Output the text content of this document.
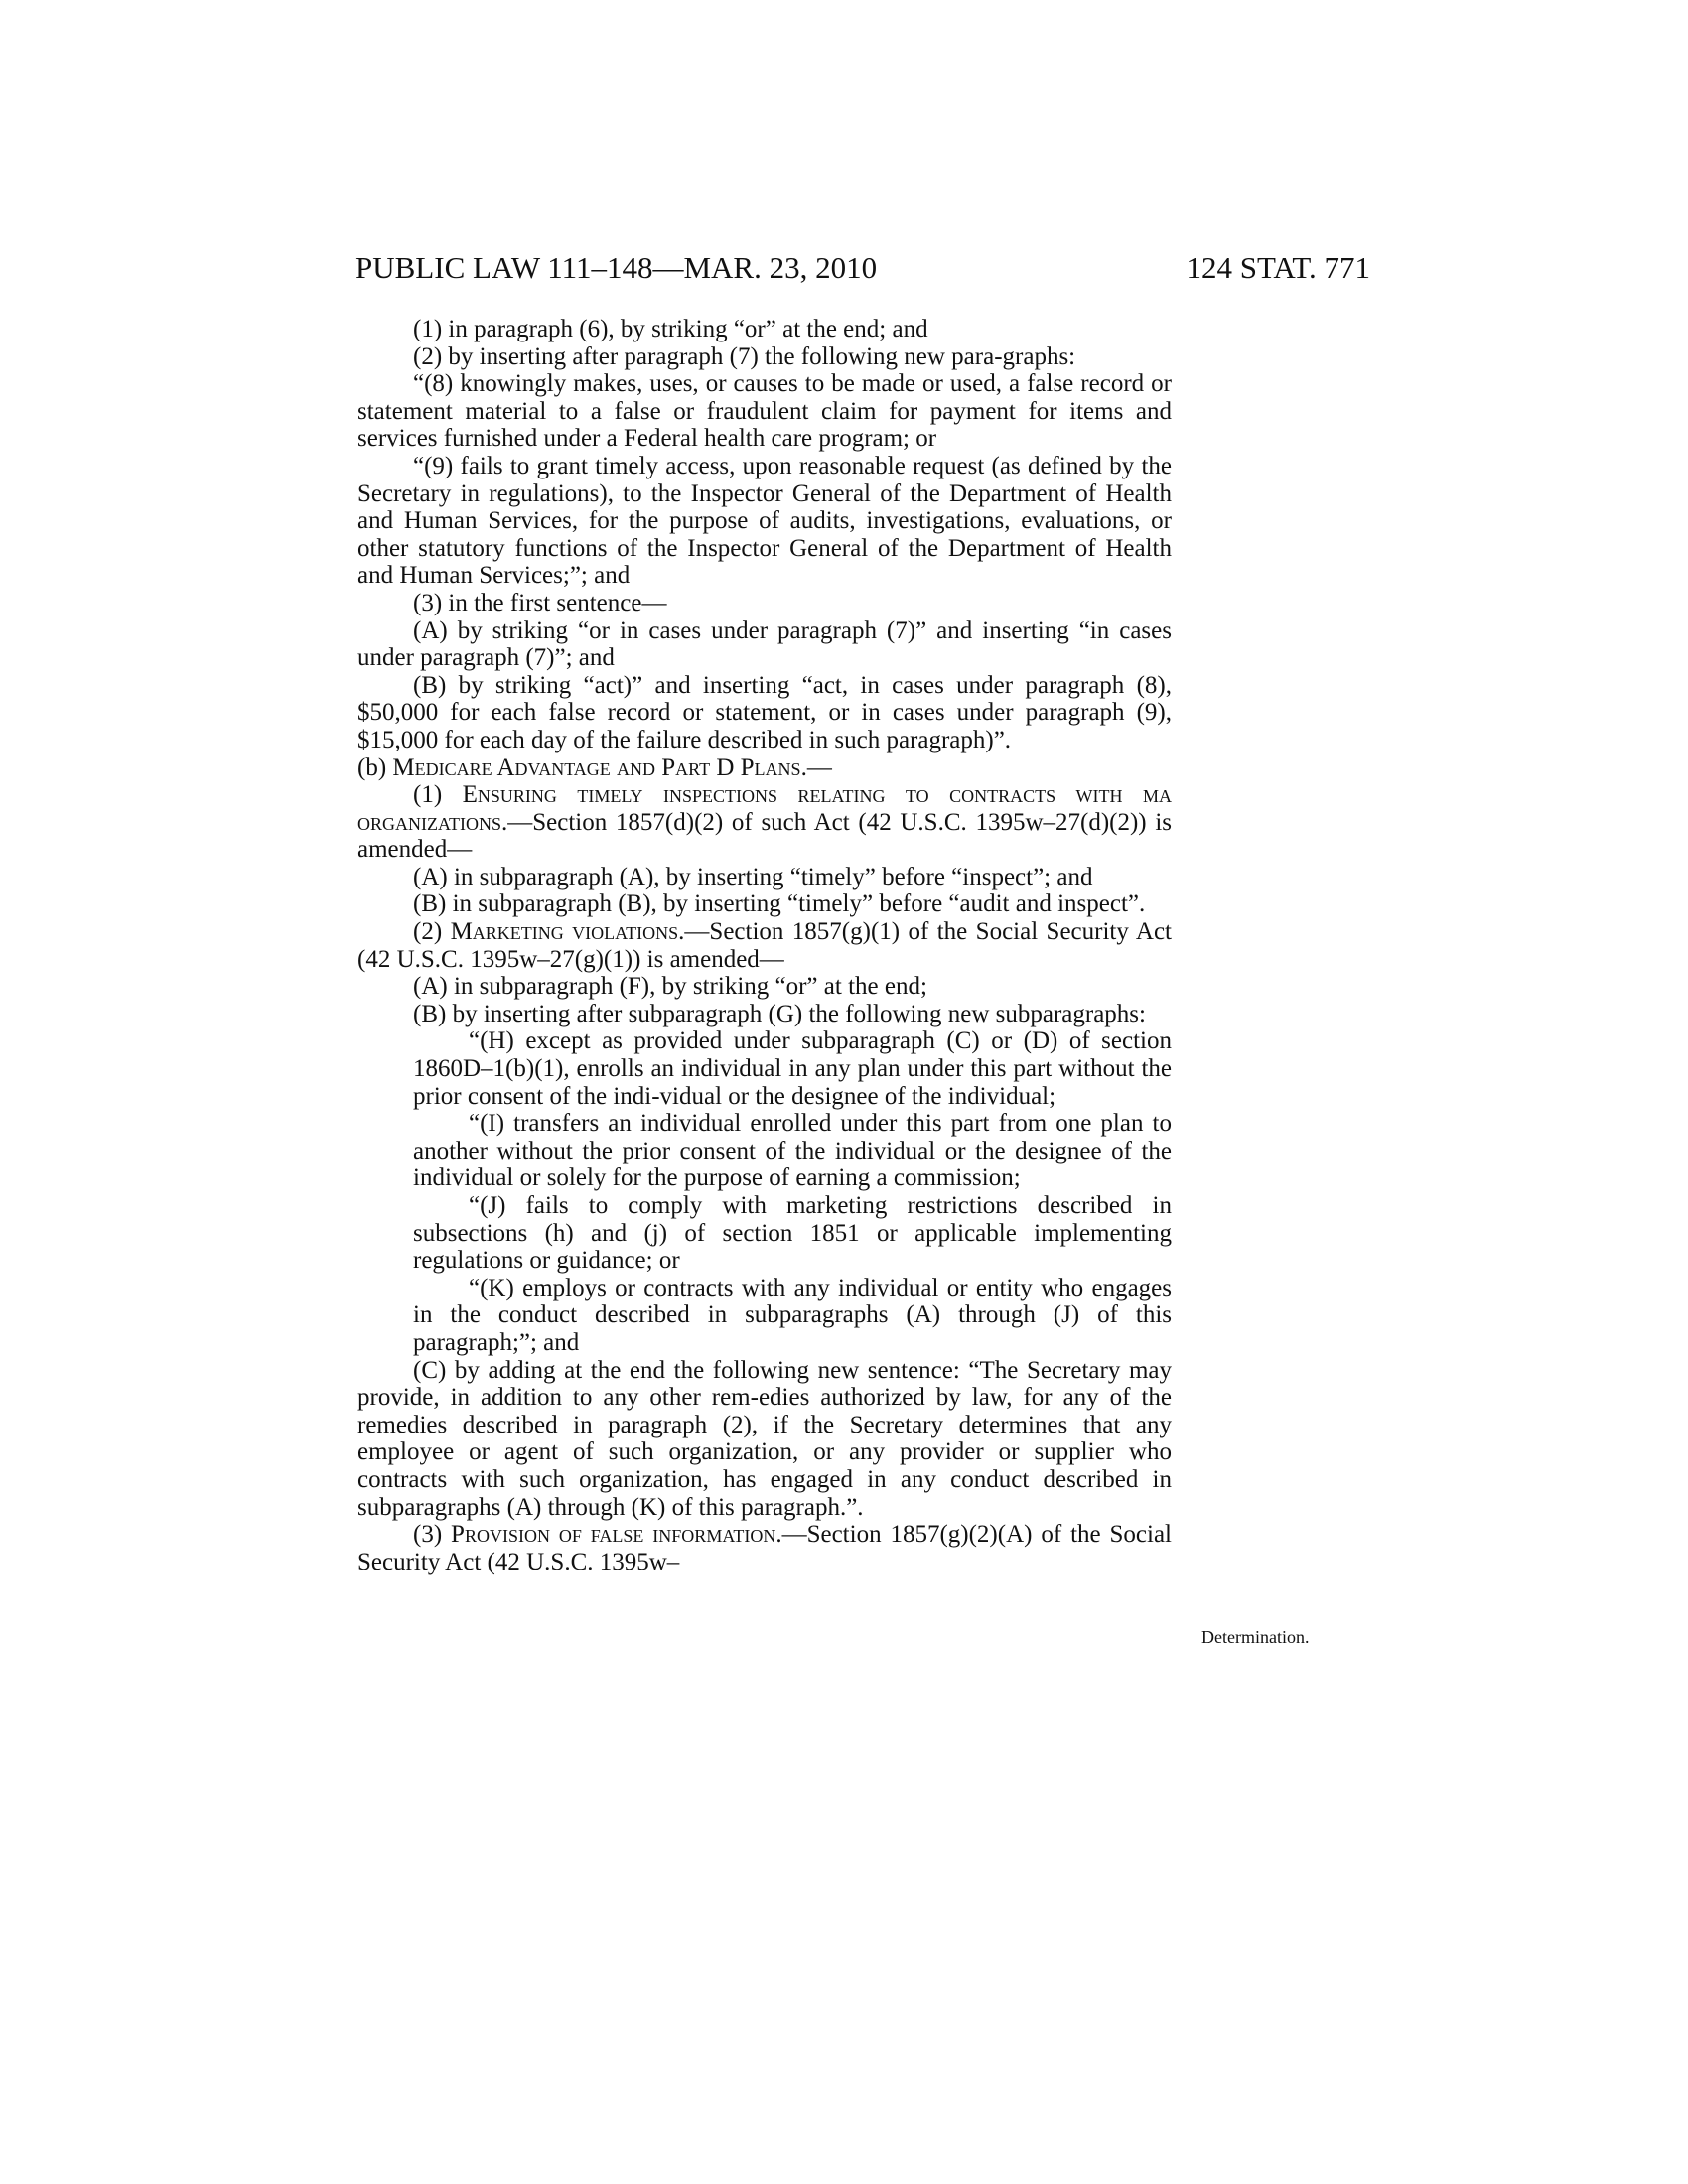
PUBLIC LAW 111–148—MAR. 23, 2010	124 STAT. 771

(1) in paragraph (6), by striking “or” at the end; and

(2) by inserting after paragraph (7) the following new para-graphs:

“(8) knowingly makes, uses, or causes to be made or used, a false record or statement material to a false or fraudulent claim for payment for items and services furnished under a Federal health care program; or

“(9) fails to grant timely access, upon reasonable request (as defined by the Secretary in regulations), to the Inspector General of the Department of Health and Human Services, for the purpose of audits, investigations, evaluations, or other statutory functions of the Inspector General of the Department of Health and Human Services;”; and

(3) in the first sentence—

(A) by striking “or in cases under paragraph (7)” and inserting “in cases under paragraph (7)”; and

(B) by striking “act)” and inserting “act, in cases under paragraph (8), $50,000 for each false record or statement, or in cases under paragraph (9), $15,000 for each day of the failure described in such paragraph)”.

(b) Medicare Advantage and Part D Plans.—

(1) Ensuring timely inspections relating to contracts with ma organizations.—Section 1857(d)(2) of such Act (42 U.S.C. 1395w–27(d)(2)) is amended—

(A) in subparagraph (A), by inserting “timely” before “inspect”; and

(B) in subparagraph (B), by inserting “timely” before “audit and inspect”.

(2) Marketing violations.—Section 1857(g)(1) of the Social Security Act (42 U.S.C. 1395w–27(g)(1)) is amended—

(A) in subparagraph (F), by striking “or” at the end;

(B) by inserting after subparagraph (G) the following new subparagraphs:

“(H) except as provided under subparagraph (C) or (D) of section 1860D–1(b)(1), enrolls an individual in any plan under this part without the prior consent of the indi-vidual or the designee of the individual;

“(I) transfers an individual enrolled under this part from one plan to another without the prior consent of the individual or the designee of the individual or solely for the purpose of earning a commission;

“(J) fails to comply with marketing restrictions described in subsections (h) and (j) of section 1851 or applicable implementing regulations or guidance; or

“(K) employs or contracts with any individual or entity who engages in the conduct described in subparagraphs (A) through (J) of this paragraph;”; and

(C) by adding at the end the following new sentence: “The Secretary may provide, in addition to any other rem-edies authorized by law, for any of the remedies described in paragraph (2), if the Secretary determines that any employee or agent of such organization, or any provider or supplier who contracts with such organization, has engaged in any conduct described in subparagraphs (A) through (K) of this paragraph.”.

(3) Provision of false information.—Section 1857(g)(2)(A) of the Social Security Act (42 U.S.C. 1395w–

Determination.
